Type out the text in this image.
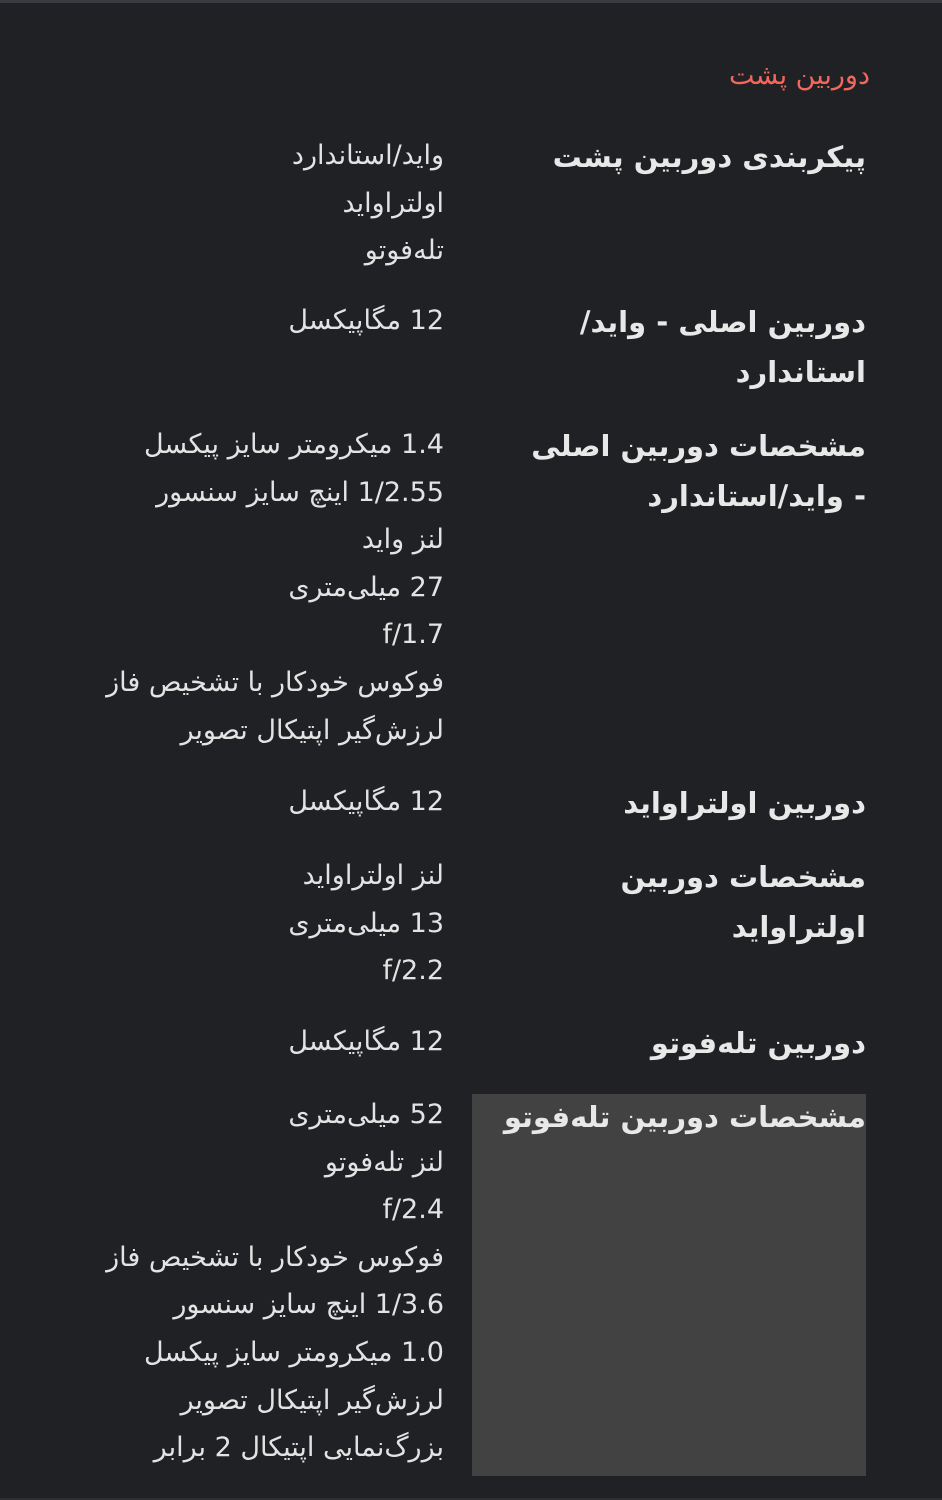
دوربین پشت
پیکربندی دوربین پشت
واید/استاندارد
اولتراواید
تله‌فوتو
دوربین اصلی - واید/ استاندارد
12 مگاپیکسل
مشخصات دوربین اصلی - واید/استاندارد
1.4 میکرومتر سایز پیکسل
1/2.55 اینچ سایز سنسور
لنز واید
27 میلی‌متری
f/1.7
فوکوس خودکار با تشخیص فاز
لرزش‌گیر اپتیکال تصویر
دوربین اولتراواید
12 مگاپیکسل
مشخصات دوربین اولتراواید
لنز اولتراواید
13 میلی‌متری
f/2.2
دوربین تله‌فوتو
12 مگاپیکسل
مشخصات دوربین تله‌فوتو
52 میلی‌متری
لنز تله‌فوتو
f/2.4
فوکوس خودکار با تشخیص فاز
1/3.6 اینچ سایز سنسور
1.0 میکرومتر سایز پیکسل
لرزش‌گیر اپتیکال تصویر
بزرگ‌نمایی اپتیکال 2 برابر
